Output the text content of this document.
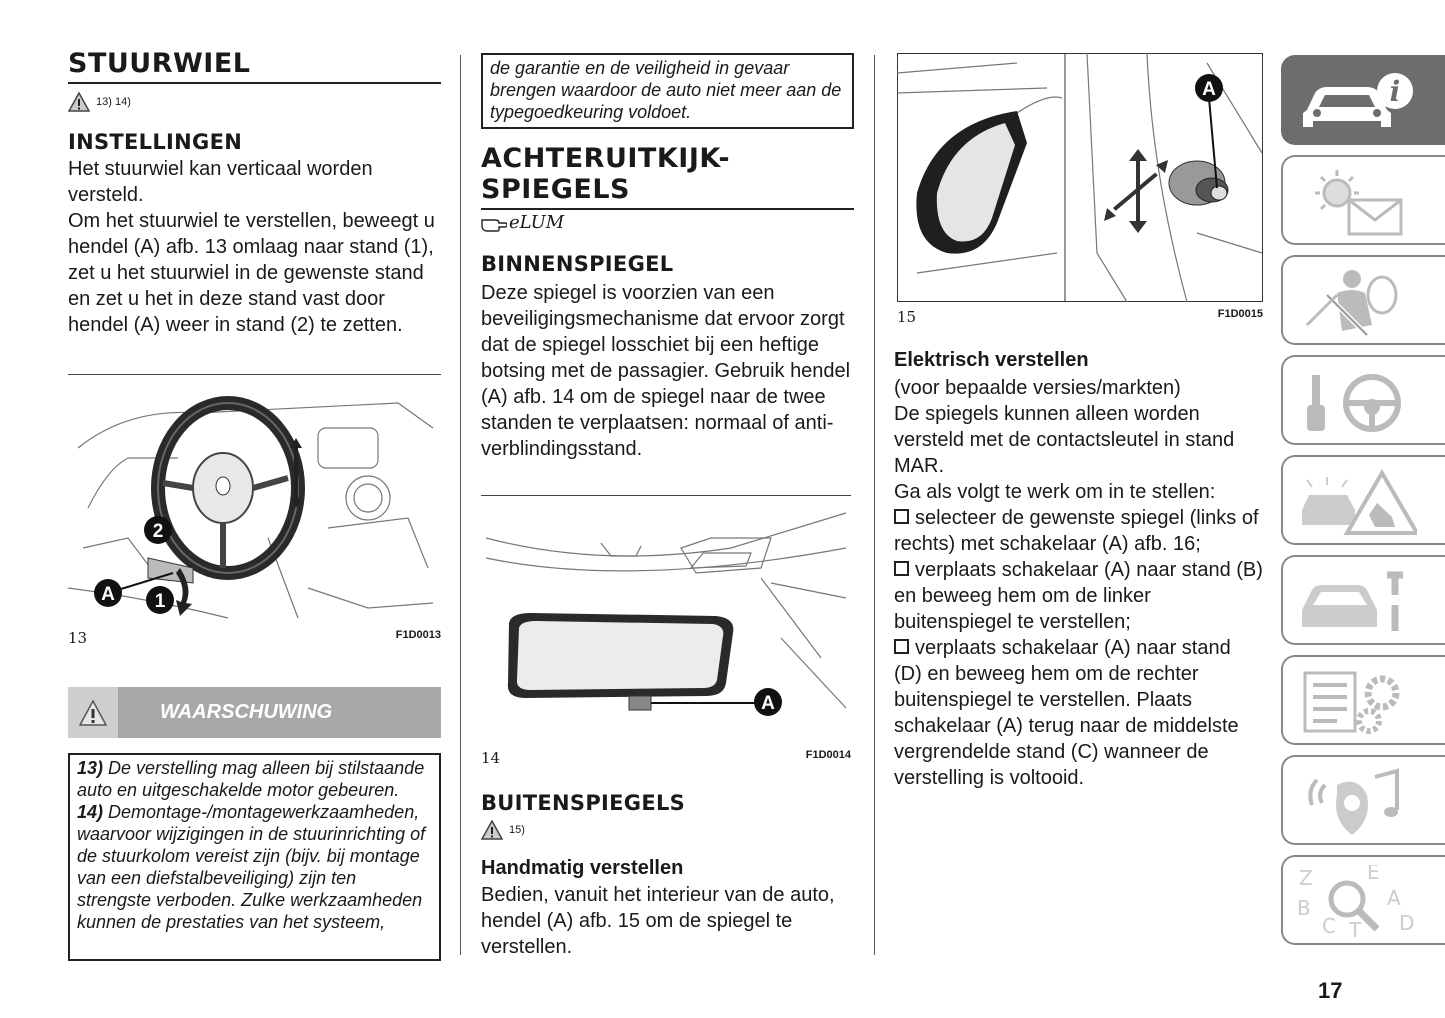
STUURWIEL
13) 14)
INSTELLINGEN

Het stuurwiel kan verticaal worden versteld.

Om het stuurwiel te verstellen, beweegt u hendel (A) afb. 13 omlaag naar stand (1), zet u het stuurwiel in de gewenste stand en zet u het in deze stand vast door hendel (A) weer in stand (2) te zetten.

2
A 1
13	F1D0013
WAARSCHUWING
13) De verstelling mag alleen bij stilstaande auto en uitgeschakelde motor gebeuren.
14) Demontage-/montagewerkzaamheden, waarvoor wijzigingen in de stuurinrichting of de stuurkolom vereist zijn (bijv. bij montage van een diefstalbeveiliging) zijn ten strengste verboden. Zulke werkzaamheden kunnen de prestaties van het systeem,
de garantie en de veiligheid in gevaar brengen waardoor de auto niet meer aan de typegoedkeuring voldoet.
ACHTERUITKIJK-SPIEGELS
eLUM
BINNENSPIEGEL
Deze spiegel is voorzien van een beveiligingsmechanisme dat ervoor zorgt dat de spiegel losschiet bij een heftige botsing met de passagier. Gebruik hendel (A) afb. 14 om de spiegel naar de twee standen te verplaatsen: normaal of anti-verblindingsstand.
A
14	F1D0014
BUITENSPIEGELS
15)
Handmatig verstellen
Bedien, vanuit het interieur van de auto, hendel (A) afb. 15 om de spiegel te verstellen.
A
15	F1D0015
Elektrisch verstellen

(voor bepaalde versies/markten)

De spiegels kunnen alleen worden versteld met de contactsleutel in stand MAR.

Ga als volgt te werk om in te stellen:

selecteer de gewenste spiegel (links of rechts) met schakelaar (A) afb. 16;

verplaats schakelaar (A) naar stand (B) en beweeg hem om de linker buitenspiegel te verstellen;

verplaats schakelaar (A) naar stand (D) en beweeg hem om de rechter buitenspiegel te verstellen. Plaats schakelaar (A) terug naar de middelste vergrendelde stand (C) wanneer de verstelling is voltooid.

i
Z	E
A
B
C T D
17
